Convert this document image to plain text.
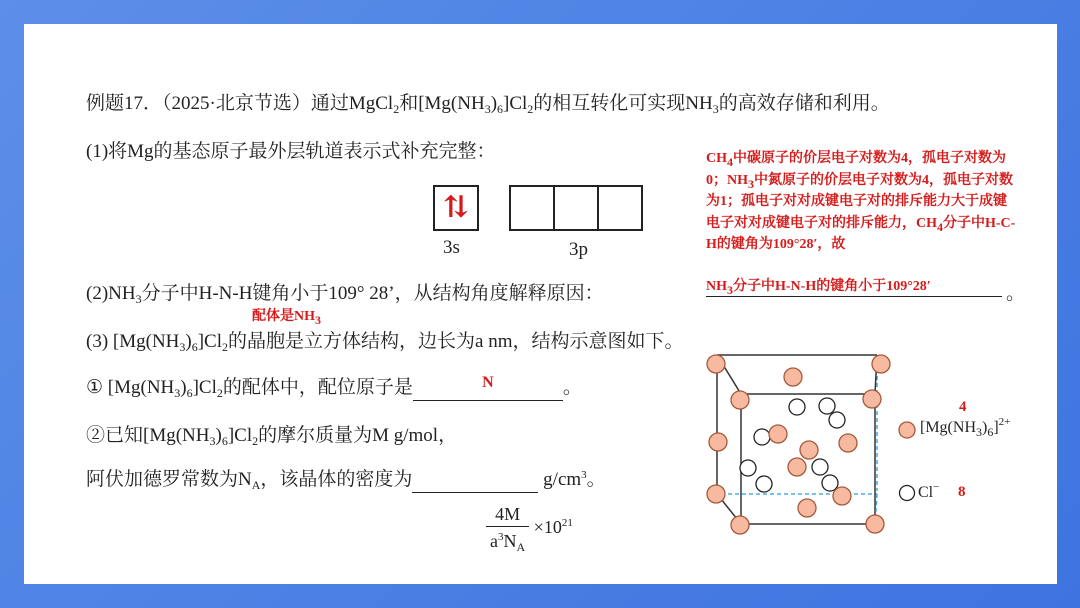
例题17．（2025·北京节选）通过MgCl$_2$和$[Mg(NH_3)_6]Cl_2$的相互转化可实现$NH_3$的高效存储和利用。
(1)将Mg的基态原子最外层轨道表示式补充完整：
⇅
3s	3p
$CH_4$中碳原子的价层电子对数为4，孤电子对数为0；$NH_3$中氮原子的价层电子对数为4，孤电子对数为1；孤电子对对成键电子对的排斥能力大于成键电子对对成键电子对的排斥能力，$CH_4$分子中H-C-H的键角为109°28′，故
$NH_3$分子中H-N-H的键角小于109°28′
$(2)NH_3$分子中H-N-H键角小于109° 28’，从结构角度解释原因：	。
配体是$NH_3$
(3) $[Mg(NH_3)_6]Cl_2$的晶胞是立方体结构，边长为a nm，结构示意图如下。
① $[Mg(NH_3)_6]Cl_2$的配体中，配位原子是	N	。
②已知$[Mg(NH_3)_6]Cl_2$的摩尔质量为M g/mol，
阿伏加德罗常数为$N_A$，该晶体的密度为	$g/cm^3$。
$\frac{4M}{a^3N_A} \times 10^{21}$
4
$[Mg(NH_3)_6]^{2+}$
Cl− 8
